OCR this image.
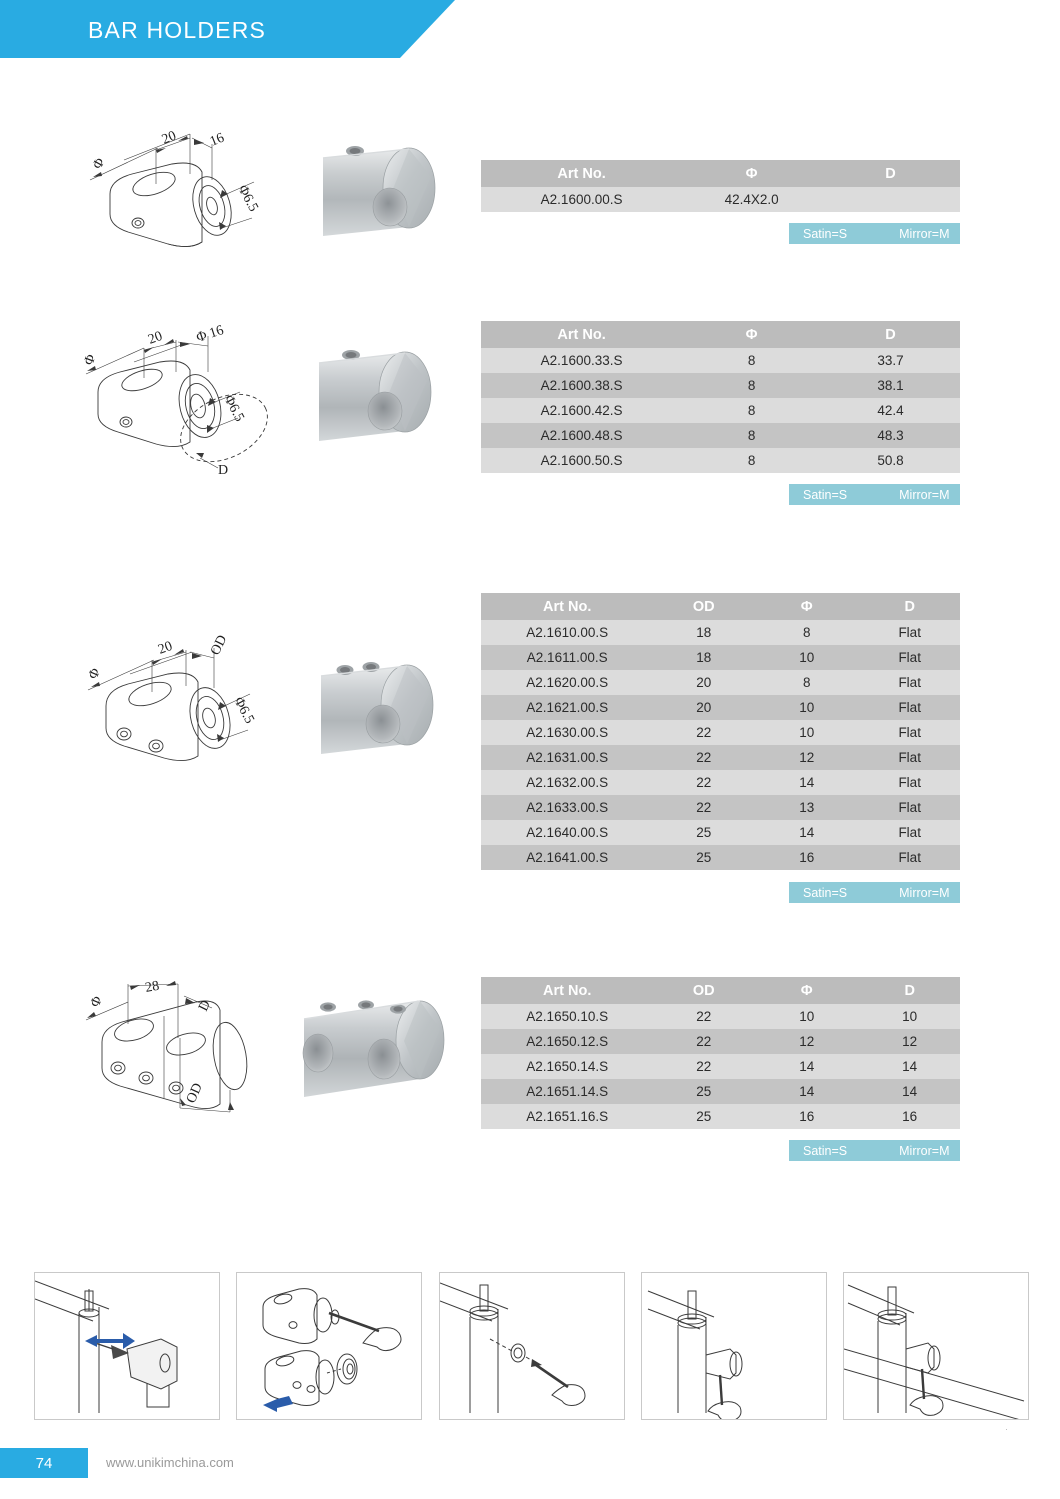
BAR HOLDERS
Φ
20 16
Φ6.5
Art No.	Φ	D
A2.1600.00.S	42.4X2.0	
Satin=S	Mirror=M
Φ
20 Φ 16
Φ6.5
D
Art No.	Φ	D
A2.1600.33.S	8	33.7
A2.1600.38.S	8	38.1
A2.1600.42.S	8	42.4
A2.1600.48.S	8	48.3
A2.1600.50.S	8	50.8
Satin=S	Mirror=M
Φ
20 OD
Φ6.5
Art No.	OD	Φ	D
A2.1610.00.S	18	8	Flat
A2.1611.00.S	18	10	Flat
A2.1620.00.S	20	8	Flat
A2.1621.00.S	20	10	Flat
A2.1630.00.S	22	10	Flat
A2.1631.00.S	22	12	Flat
A2.1632.00.S	22	14	Flat
A2.1633.00.S	22	13	Flat
A2.1640.00.S	25	14	Flat
A2.1641.00.S	25	16	Flat
Satin=S	Mirror=M
Φ
28
D
OD
Art No.	OD	Φ	D
A2.1650.10.S	22	10	10
A2.1650.12.S	22	12	12
A2.1650.14.S	22	14	14
A2.1651.14.S	25	14	14
A2.1651.16.S	25	16	16
Satin=S	Mirror=M
74	www.unikimchina.com
·
